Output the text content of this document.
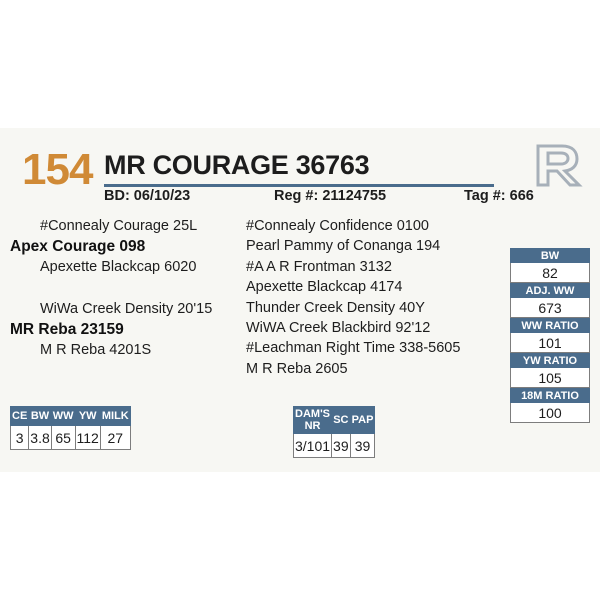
154 MR COURAGE 36763
BD: 06/10/23	Reg #: 21124755	Tag #: 666
#Connealy Courage 25L
Apex Courage 098
Apexette Blackcap 6020
WiWa Creek Density 20'15
MR Reba 23159
M R Reba 4201S
#Connealy Confidence 0100
Pearl Pammy of Conanga 194
#A A R Frontman 3132
Apexette Blackcap 4174
Thunder Creek Density 40Y
WiWA Creek Blackbird 92'12
#Leachman Right Time 338-5605
M R Reba 2605
BW
82
ADJ. WW
673
WW RATIO
101
YW RATIO
105
18M RATIO
100
CE	BW	WW	YW	MILK
3	3.8	65	112	27
DAM'S NR	SC	PAP
3/101	39	39
